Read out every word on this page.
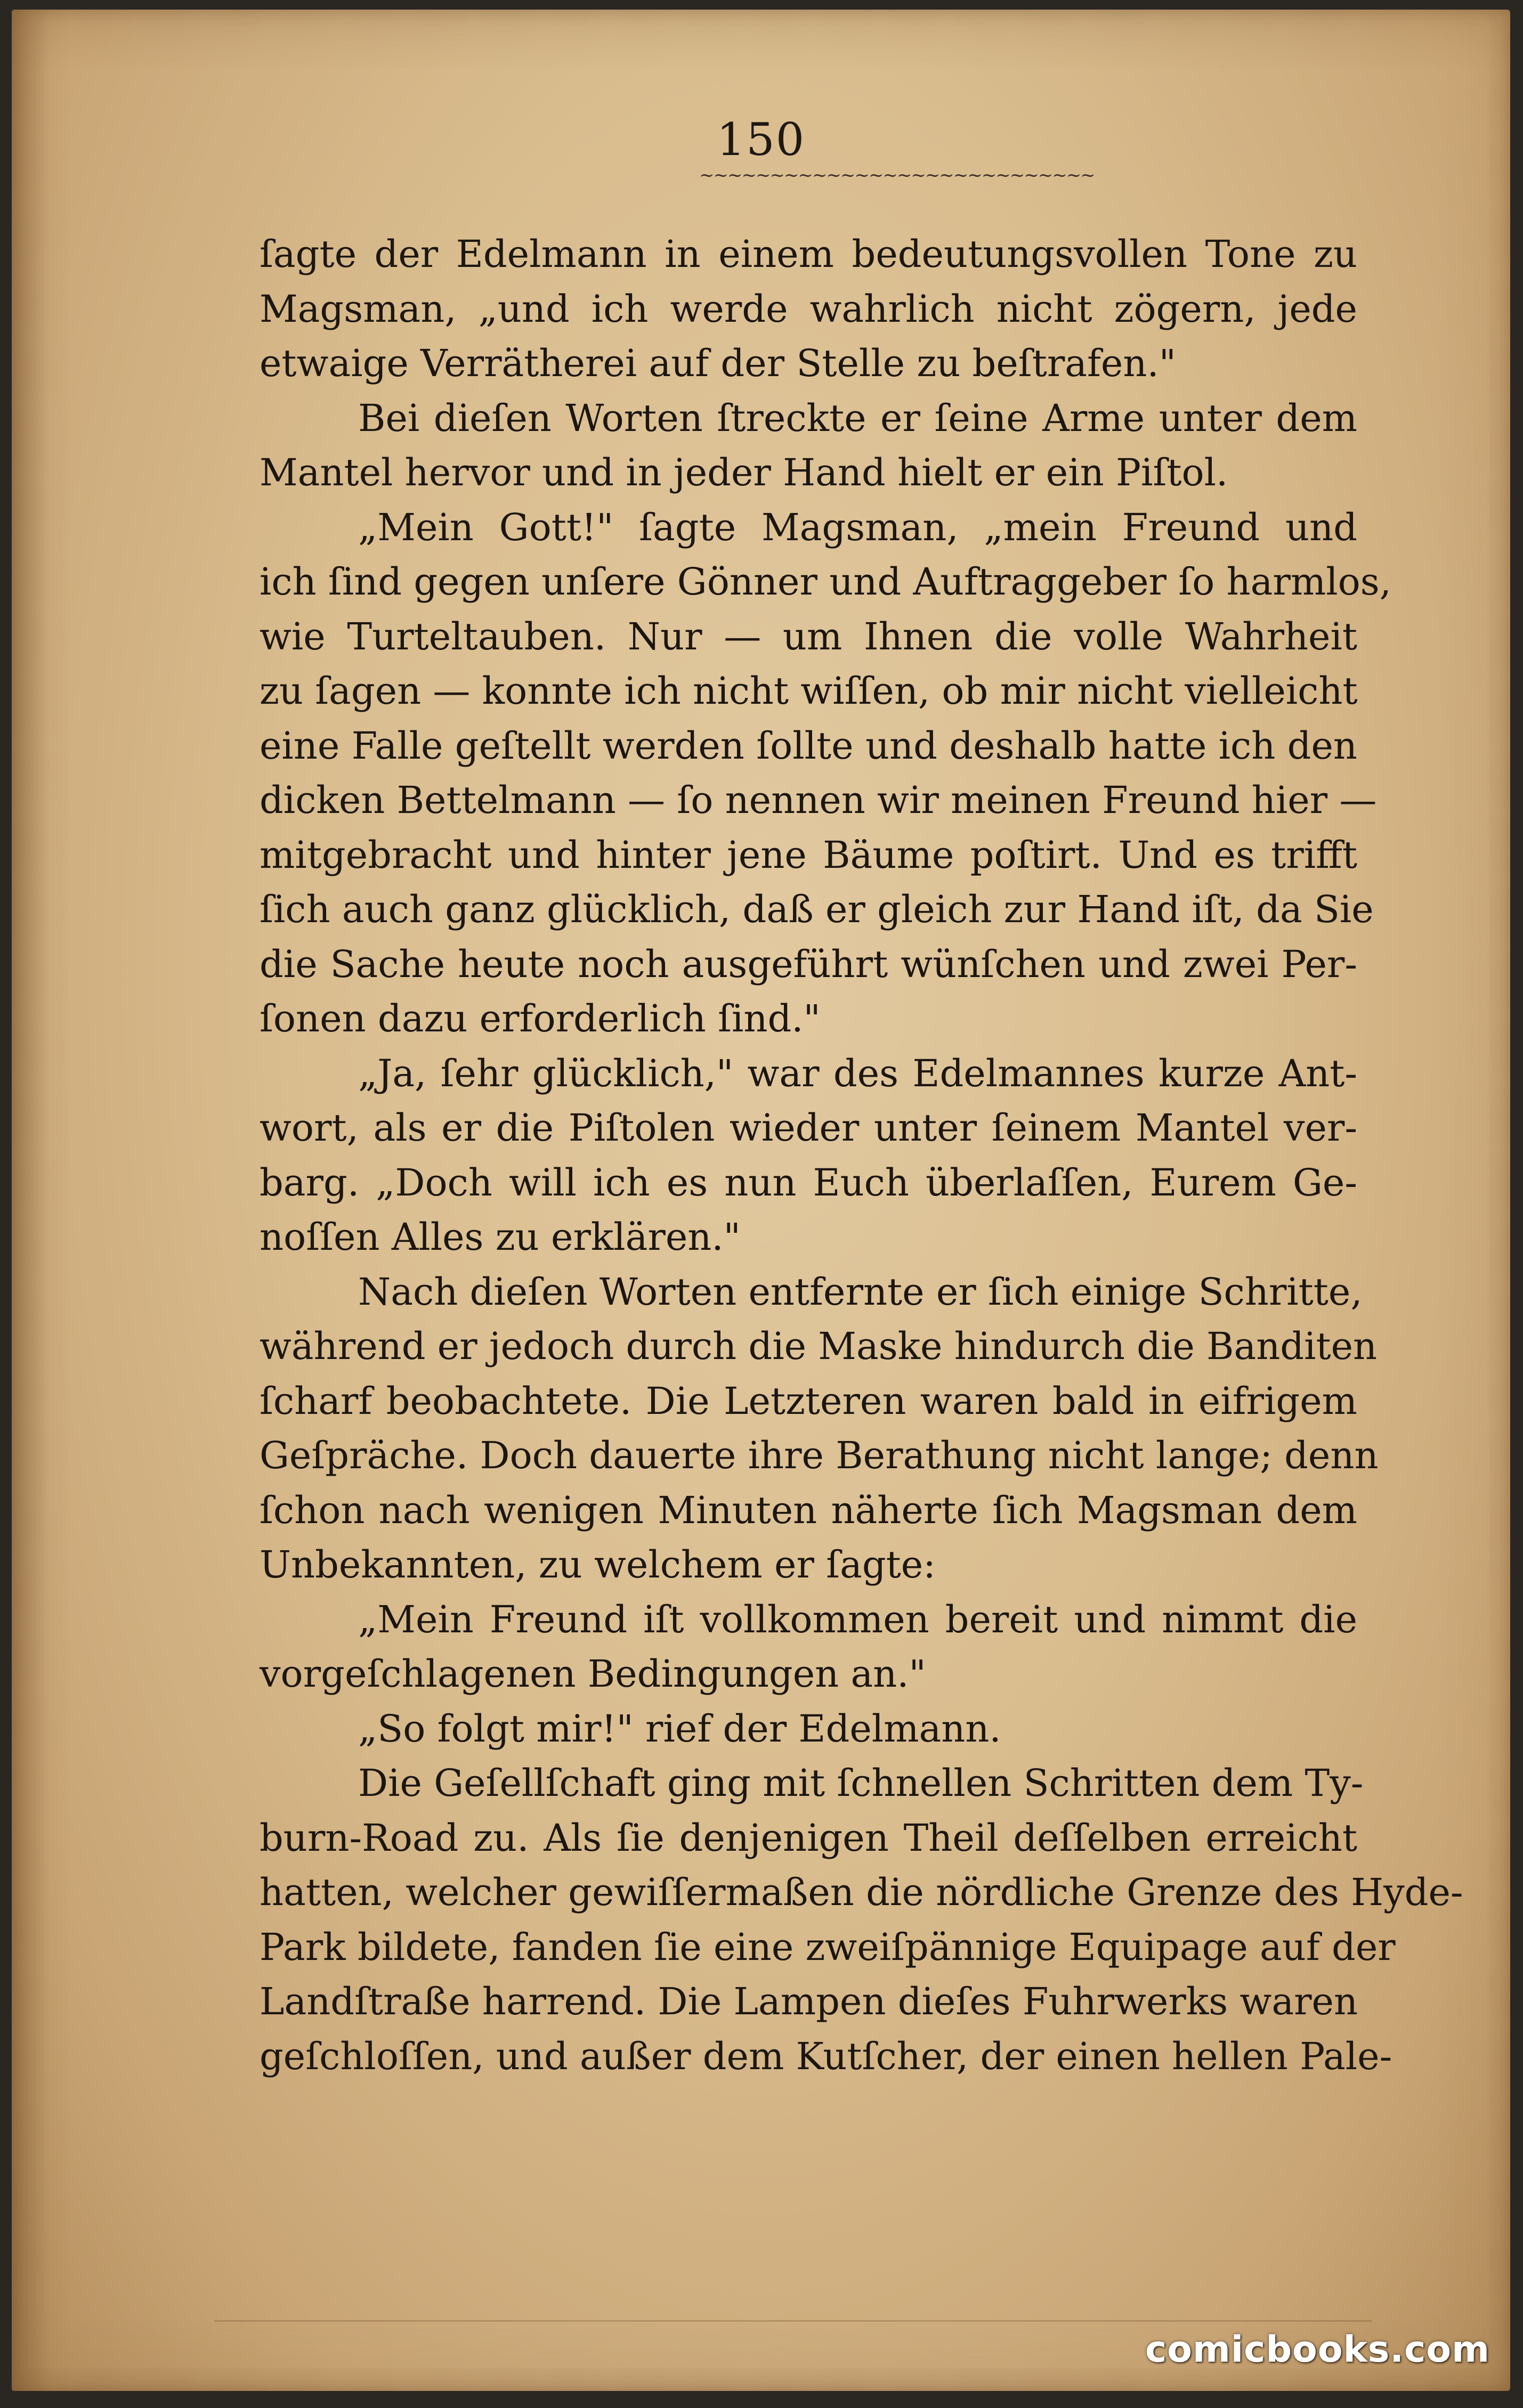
150
~~~~~~~~~~~~~~~~~~~~~~~~~~~~
ſagte der Edelmann in einem bedeutungsvollen Tone zu
Magsman, „und ich werde wahrlich nicht zögern, jede
etwaige Verrätherei auf der Stelle zu beſtrafen."
Bei dieſen Worten ſtreckte er ſeine Arme unter dem
Mantel hervor und in jeder Hand hielt er ein Piſtol.
„Mein Gott!" ſagte Magsman, „mein Freund und
ich ſind gegen unſere Gönner und Auftraggeber ſo harmlos,
wie Turteltauben. Nur — um Ihnen die volle Wahrheit
zu ſagen — konnte ich nicht wiſſen, ob mir nicht vielleicht
eine Falle geſtellt werden ſollte und deshalb hatte ich den
dicken Bettelmann — ſo nennen wir meinen Freund hier —
mitgebracht und hinter jene Bäume poſtirt. Und es trifft
ſich auch ganz glücklich, daß er gleich zur Hand iſt, da Sie
die Sache heute noch ausgeführt wünſchen und zwei Per-
ſonen dazu erforderlich ſind."
„Ja, ſehr glücklich," war des Edelmannes kurze Ant-
wort, als er die Piſtolen wieder unter ſeinem Mantel ver-
barg. „Doch will ich es nun Euch überlaſſen, Eurem Ge-
noſſen Alles zu erklären."
Nach dieſen Worten entfernte er ſich einige Schritte,
während er jedoch durch die Maske hindurch die Banditen
ſcharf beobachtete. Die Letzteren waren bald in eifrigem
Geſpräche. Doch dauerte ihre Berathung nicht lange; denn
ſchon nach wenigen Minuten näherte ſich Magsman dem
Unbekannten, zu welchem er ſagte:
„Mein Freund iſt vollkommen bereit und nimmt die
vorgeſchlagenen Bedingungen an."
„So folgt mir!" rief der Edelmann.
Die Geſellſchaft ging mit ſchnellen Schritten dem Ty-
burn-Road zu. Als ſie denjenigen Theil deſſelben erreicht
hatten, welcher gewiſſermaßen die nördliche Grenze des Hyde-
Park bildete, fanden ſie eine zweiſpännige Equipage auf der
Landſtraße harrend. Die Lampen dieſes Fuhrwerks waren
geſchloſſen, und außer dem Kutſcher, der einen hellen Pale-
comicbooks.com
